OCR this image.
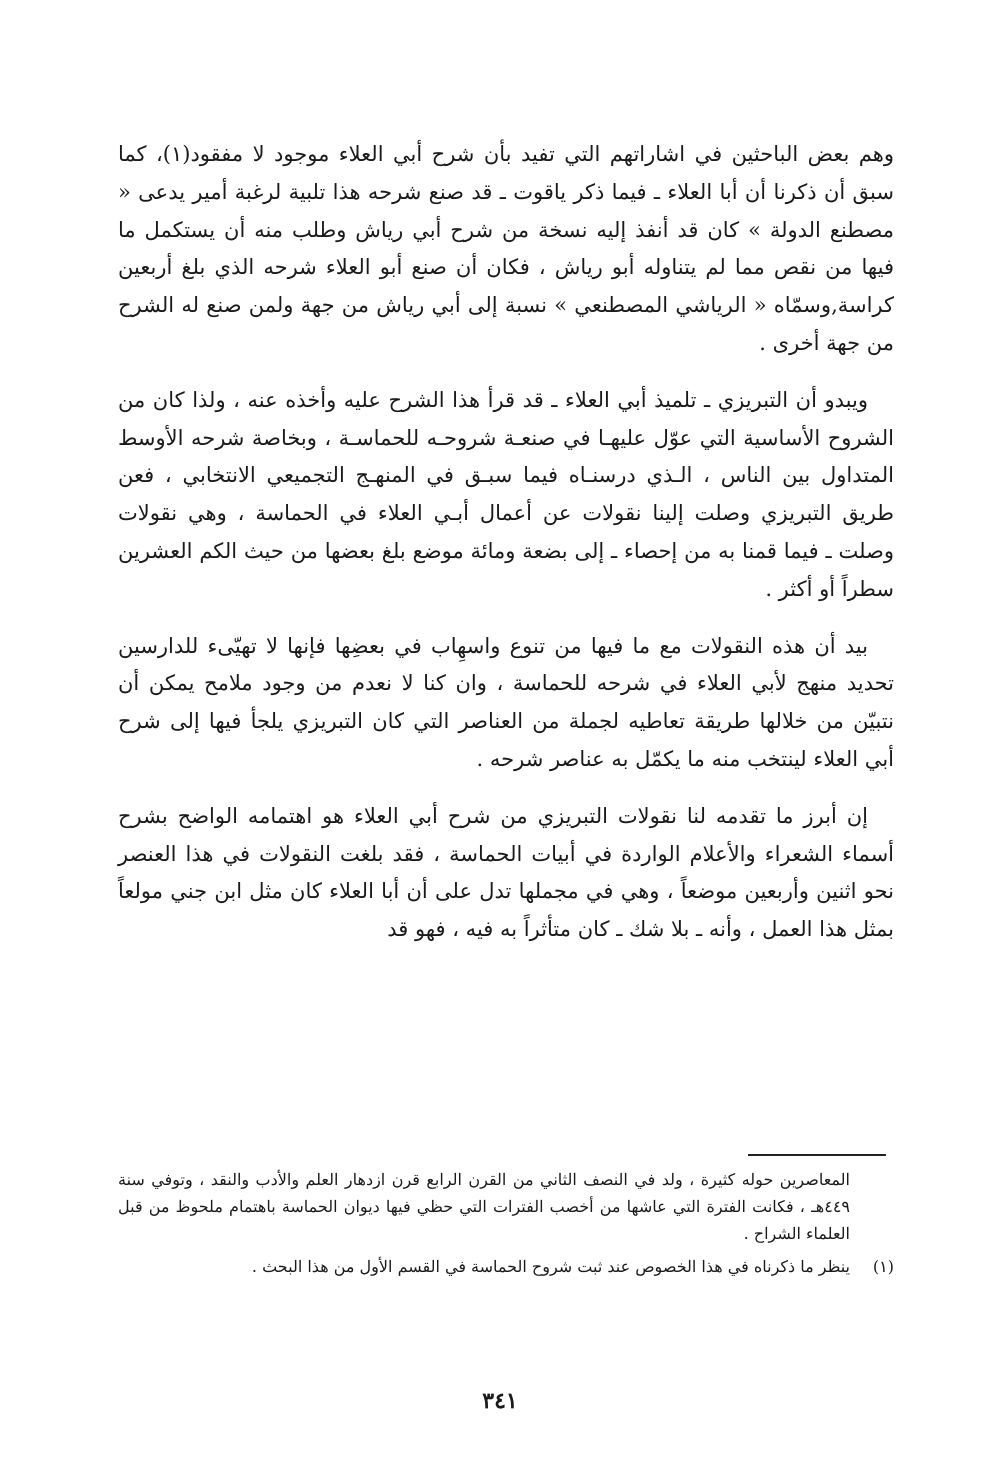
وهم بعض الباحثين في اشاراتهم التي تفيد بأن شرح أبي العلاء موجود لا مفقود(١)، كما سبق أن ذكرنا أن أبا العلاء ـ فيما ذكر ياقوت ـ قد صنع شرحه هذا تلبية لرغبة أمير يدعى « مصطنع الدولة » كان قد أنفذ إليه نسخة من شرح أبي رياش وطلب منه أن يستكمل ما فيها من نقص مما لم يتناوله أبو رياش ، فكان أن صنع أبو العلاء شرحه الذي بلغ أربعين كراسة‚وسمّاه « الرياشي المصطنعي » نسبة إلى أبي رياش من جهة ولمن صنع له الشرح من جهة أخرى .

ويبدو أن التبريزي ـ تلميذ أبي العلاء ـ قد قرأ هذا الشرح عليه وأخذه عنه ، ولذا كان من الشروح الأساسية التي عوّل عليهـا في صنعـة شروحـه للحماسـة ، وبخاصة شرحه الأوسط المتداول بين الناس ، الـذي درسنـاه فيما سبـق في المنهـج التجميعي الانتخابي ، فعن طريق التبريزي وصلت إلينا نقولات عن أعمال أبـي العلاء في الحماسة ، وهي نقولات وصلت ـ فيما قمنا به من إحصاء ـ إلى بضعة ومائة موضع بلغ بعضها من حيث الكم العشرين سطراً أو أكثر .

بيد أن هذه النقولات مع ما فيها من تنوع واسهِاب في بعضِها فإنها لا تهيّىء للدارسين تحديد منهج لأبي العلاء في شرحه للحماسة ، وان كنا لا نعدم من وجود ملامح يمكن أن نتبيّن من خلالها طريقة تعاطيه لجملة من العناصر التي كان التبريزي يلجأ فيها إلى شرح أبي العلاء لينتخب منه ما يكمّل به عناصر شرحه .

إن أبرز ما تقدمه لنا نقولات التبريزي من شرح أبي العلاء هو اهتمامه الواضح بشرح أسماء الشعراء والأعلام الواردة في أبيات الحماسة ، فقد بلغت النقولات في هذا العنصر نحو اثنين وأربعين موضعاً ، وهي في مجملها تدل على أن أبا العلاء كان مثل ابن جني مولعاً بمثل هذا العمل ، وأنه ـ بلا شك ـ كان متأثراً به فيه ، فهو قد

المعاصرين حوله كثيرة ، ولد في النصف الثاني من القرن الرابع قرن ازدهار العلم والأدب والنقد ، وتوفي سنة ٤٤٩هـ ، فكانت الفترة التي عاشها من أخصب الفترات التي حظي فيها ديوان الحماسة باهتمام ملحوظ من قبل العلماء الشراح .
(١)
ينظر ما ذكرناه في هذا الخصوص عند ثبت شروح الحماسة في القسم الأول من هذا البحث .
٣٤١
